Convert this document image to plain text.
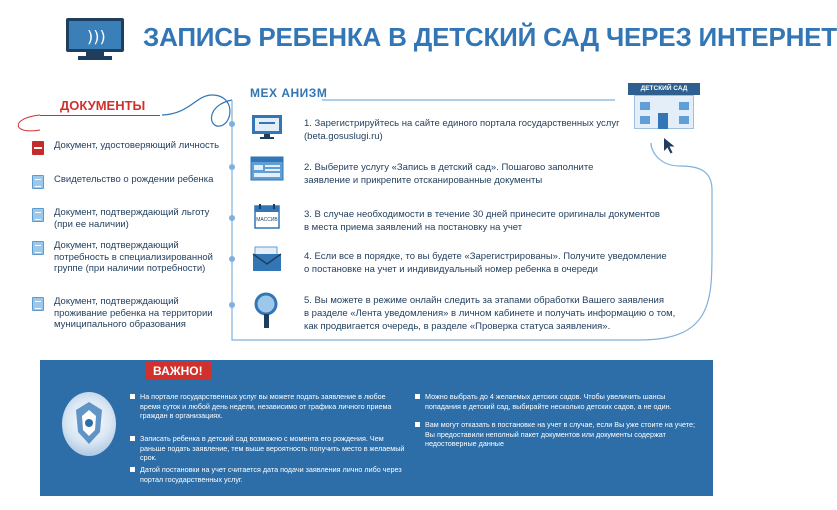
))) ЗАПИСЬ РЕБЕНКА В ДЕТСКИЙ САД ЧЕРЕЗ ИНТЕРНЕТ
ДОКУМЕНТЫ
Документ, удостоверяющий личность
Свидетельство о рождении ребенка
Документ, подтверждающий льготу (при ее наличии)
Документ, подтверждающий потребность в специализированной группе (при наличии потребности)
Документ, подтверждающий проживание ребенка на территории муниципального образования
МЕХ АНИЗМ
МАССИВ
1. Зарегистрируйтесь на сайте единого портала государственных услуг
(beta.gosuslugi.ru)
2. Выберите услугу «Запись в детский сад». Пошагово заполните
заявление и прикрепите отсканированные документы
3. В случае необходимости в течение 30 дней принесите оригиналы документов
в места приема заявлений на постановку на учет
4. Если все в порядке, то вы будете «Зарегистрированы». Получите уведомление
о постановке на учет и индивидуальный номер ребенка в очереди
5. Вы можете в режиме онлайн следить за этапами обработки Вашего заявления
в разделе «Лента уведомления» в личном кабинете и получать информацию о том,
как продвигается очередь, в разделе «Проверка статуса заявления».
ДЕТСКИЙ САД
ВАЖНО!
На портале государственных услуг вы можете подать заявление в любое время суток и любой день недели, независимо от графика личного приема граждан в организациях.
Записать ребенка в детский сад возможно с момента его рождения. Чем раньше подать заявление, тем выше вероятность получить место в желаемый срок.
Датой постановки на учет считается дата подачи заявления лично либо через портал государственных услуг.
Можно выбрать до 4 желаемых детских садов. Чтобы увеличить шансы попадания в детский сад, выбирайте несколько детских садов, а не один.
Вам могут отказать в постановке на учет в случае, если Вы уже стоите на учете; Вы предоставили неполный пакет документов или документы содержат недостоверные данные
